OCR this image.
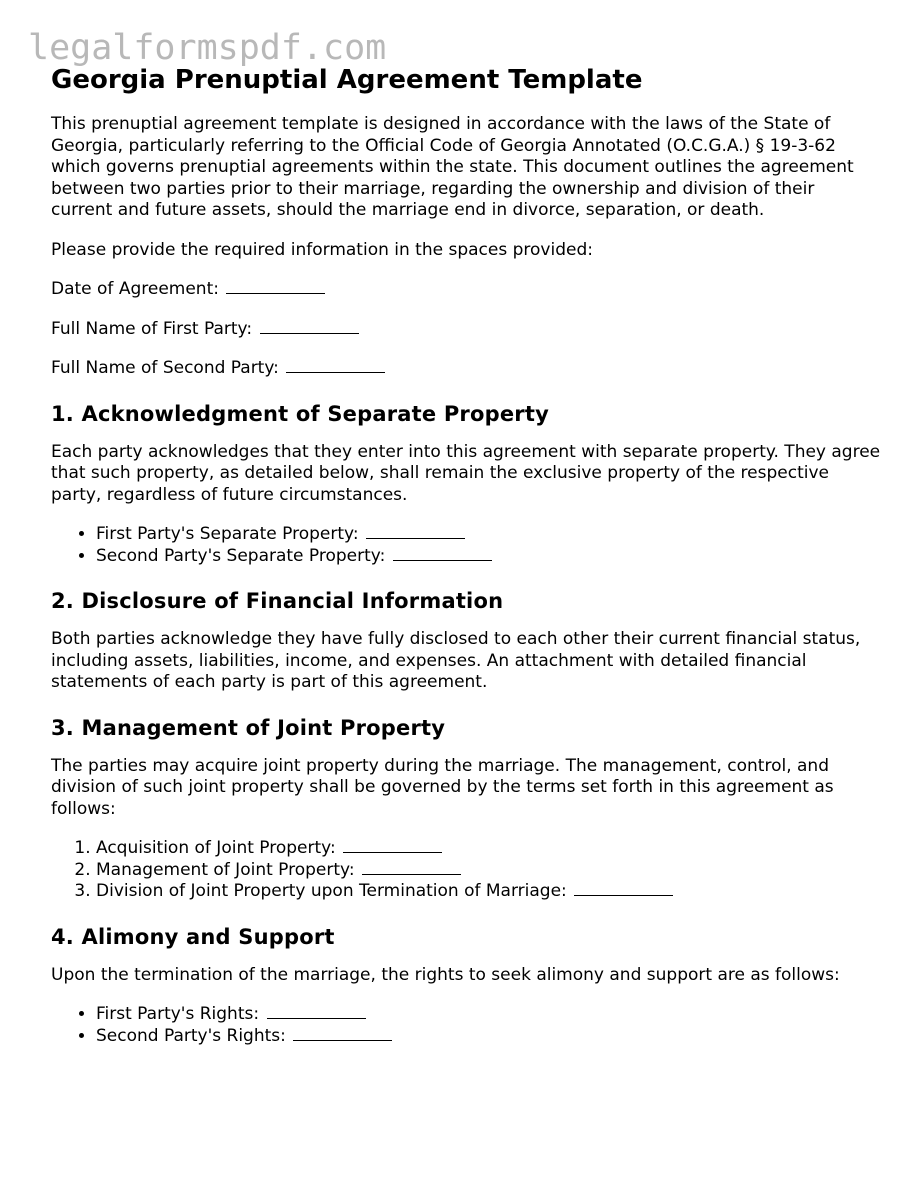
legalformspdf.com
Georgia Prenuptial Agreement Template

This prenuptial agreement template is designed in accordance with the laws of the State of Georgia, particularly referring to the Official Code of Georgia Annotated (O.C.G.A.) § 19-3-62 which governs prenuptial agreements within the state. This document outlines the agreement between two parties prior to their marriage, regarding the ownership and division of their current and future assets, should the marriage end in divorce, separation, or death.

Please provide the required information in the spaces provided:

Date of Agreement:

Full Name of First Party:

Full Name of Second Party:

1. Acknowledgment of Separate Property

Each party acknowledges that they enter into this agreement with separate property. They agree that such property, as detailed below, shall remain the exclusive property of the respective party, regardless of future circumstances.

• First Party's Separate Property:
• Second Party's Separate Property:
2. Disclosure of Financial Information

Both parties acknowledge they have fully disclosed to each other their current financial status, including assets, liabilities, income, and expenses. An attachment with detailed financial statements of each party is part of this agreement.

3. Management of Joint Property

The parties may acquire joint property during the marriage. The management, control, and division of such joint property shall be governed by the terms set forth in this agreement as follows:

1. Acquisition of Joint Property:
2. Management of Joint Property:
3. Division of Joint Property upon Termination of Marriage:
4. Alimony and Support

Upon the termination of the marriage, the rights to seek alimony and support are as follows:

• First Party's Rights:
• Second Party's Rights:
